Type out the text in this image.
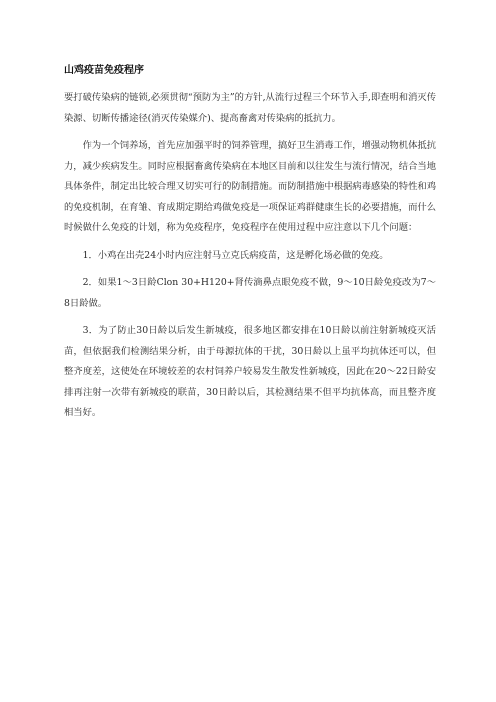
山鸡疫苗免疫程序

要打破传染病的链锁,必须贯彻“预防为主”的方针,从流行过程三个环节入手,即查明和消灭传染源、切断传播途径(消灭传染媒介)、提高畜禽对传染病的抵抗力。

作为一个饲养场，首先应加强平时的饲养管理，搞好卫生消毒工作，增强动物机体抵抗力，减少疾病发生。同时应根据畜禽传染病在本地区目前和以往发生与流行情况，结合当地具体条件，制定出比较合理又切实可行的防制措施。而防制措施中根据病毒感染的特性和鸡的免疫机制，在育雏、育成期定期给鸡做免疫是一项保证鸡群健康生长的必要措施，而什么时候做什么免疫的计划，称为免疫程序，免疫程序在使用过程中应注意以下几个问题：

1．小鸡在出壳24小时内应注射马立克氏病疫苗，这是孵化场必做的免疫。

2．如果1～3日龄Clon 30+H120+肾传滴鼻点眼免疫不做，9～10日龄免疫改为7～8日龄做。

3．为了防止30日龄以后发生新城疫，很多地区都安排在10日龄以前注射新城疫灭活苗，但依据我们检测结果分析，由于母源抗体的干扰，30日龄以上虽平均抗体还可以，但整齐度差，这使处在环境较差的农村饲养户较易发生散发性新城疫，因此在20～22日龄安排再注射一次带有新城疫的联苗，30日龄以后，其检测结果不但平均抗体高，而且整齐度相当好。
